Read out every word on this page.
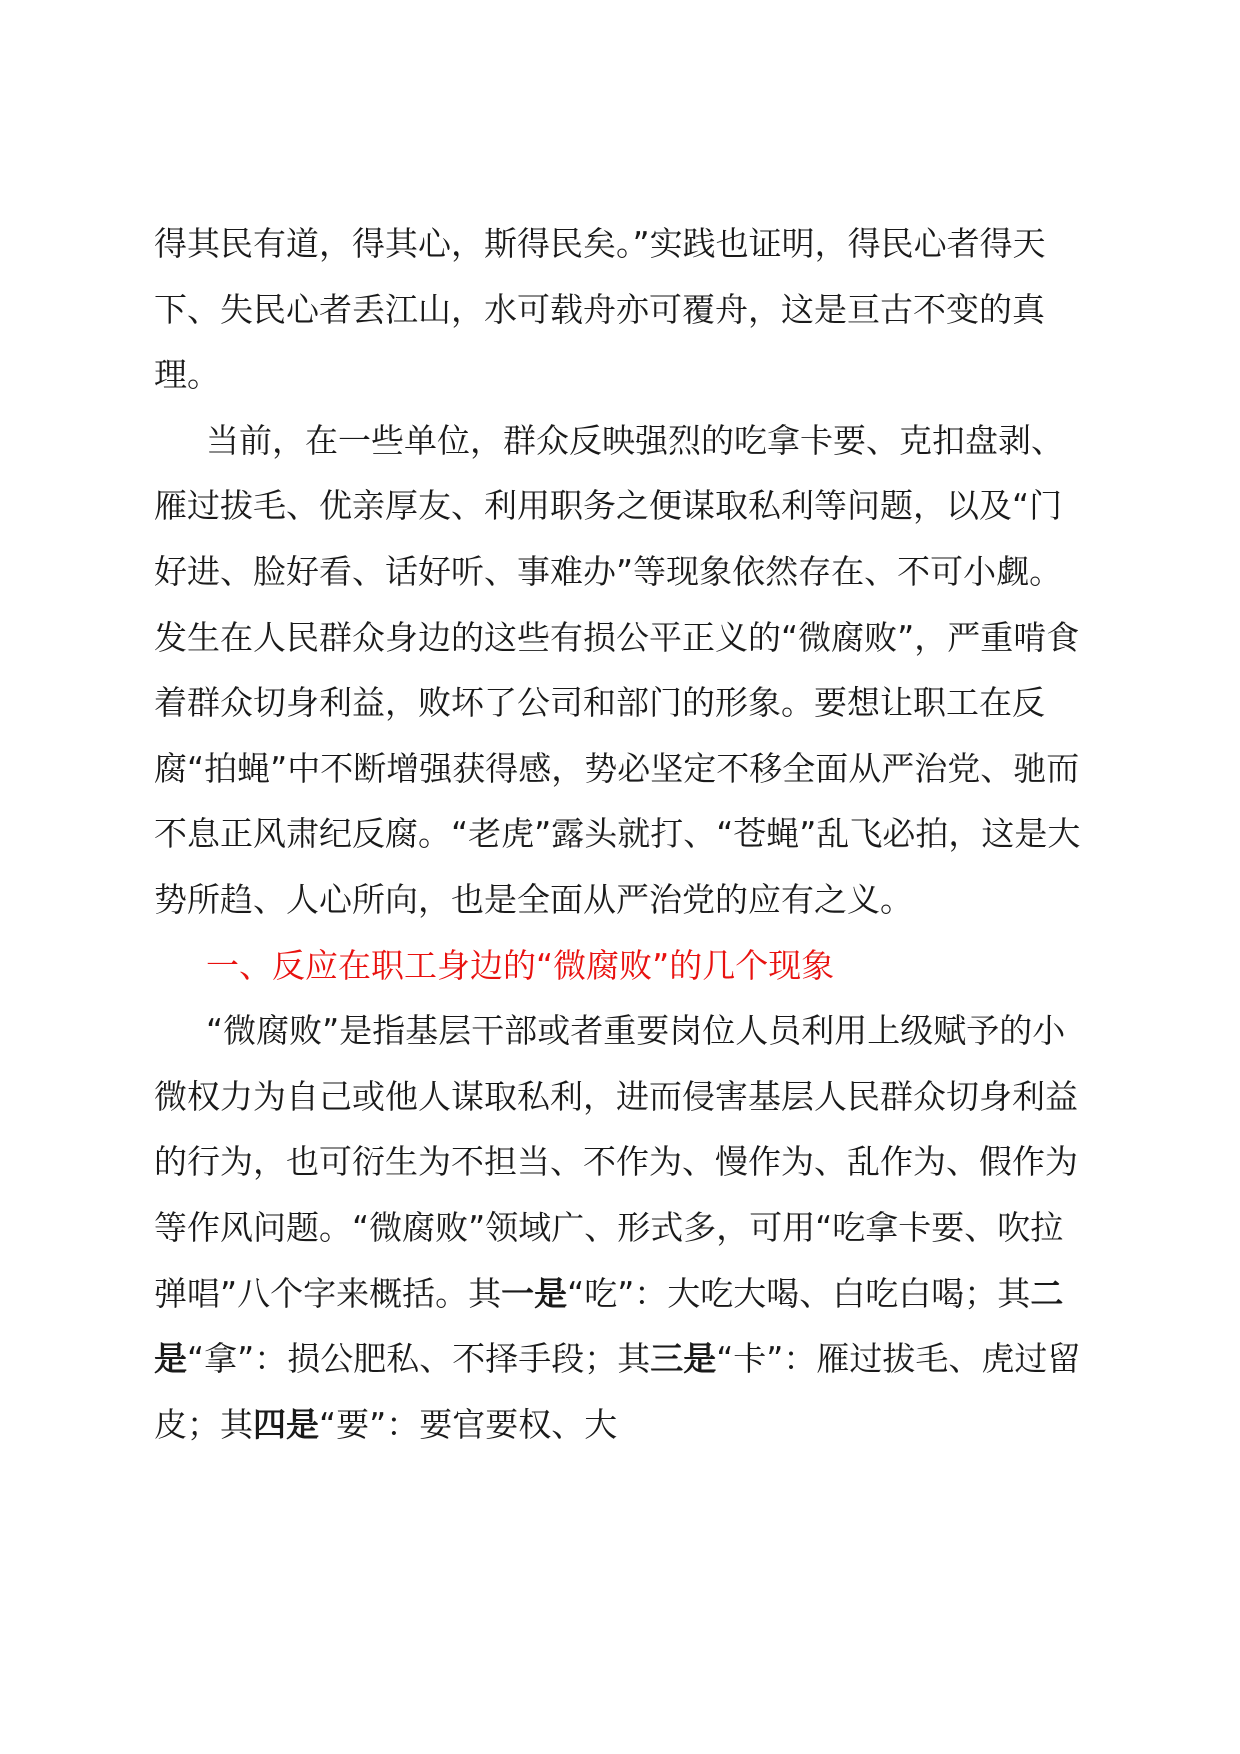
得其民有道，得其心，斯得民矣。”实践也证明，得民心者得天下、失民心者丢江山，水可载舟亦可覆舟，这是亘古不变的真理。

当前，在一些单位，群众反映强烈的吃拿卡要、克扣盘剥、雁过拔毛、优亲厚友、利用职务之便谋取私利等问题，以及“门好进、脸好看、话好听、事难办”等现象依然存在、不可小觑。发生在人民群众身边的这些有损公平正义的“微腐败”，严重啃食着群众切身利益，败坏了公司和部门的形象。要想让职工在反腐“拍蝇”中不断增强获得感，势必坚定不移全面从严治党、驰而不息正风肃纪反腐。“老虎”露头就打、“苍蝇”乱飞必拍，这是大势所趋、人心所向，也是全面从严治党的应有之义。

一、反应在职工身边的“微腐败”的几个现象

“微腐败”是指基层干部或者重要岗位人员利用上级赋予的小微权力为自己或他人谋取私利，进而侵害基层人民群众切身利益的行为，也可衍生为不担当、不作为、慢作为、乱作为、假作为等作风问题。“微腐败”领域广、形式多，可用“吃拿卡要、吹拉弹唱”八个字来概括。其一是“吃”：大吃大喝、白吃白喝；其二是“拿”：损公肥私、不择手段；其三是“卡”：雁过拔毛、虎过留皮；其四是“要”：要官要权、大
